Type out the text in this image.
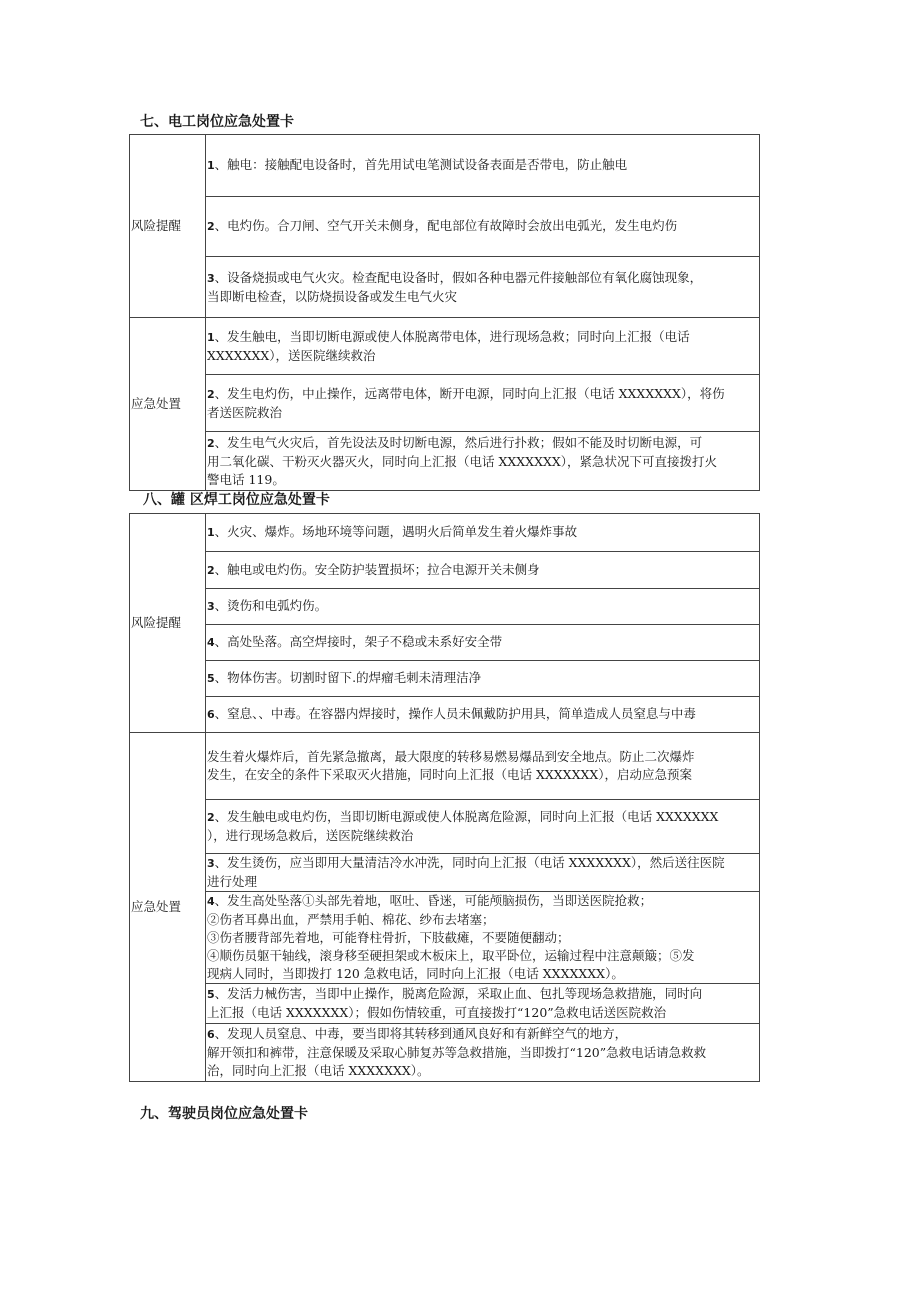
七、电工岗位应急处置卡
风险提醒	1、触电：接触配电设备时，首先用试电笔测试设备表面是否带电，防止触电
	2、电灼伤。合刀闸、空气开关未侧身，配电部位有故障时会放出电弧光，发生电灼伤

	3、设备烧损或电气火灾。检查配电设备时，假如各种电器元件接触部位有氧化腐蚀现象，
当即断电检查，以防烧损设备或发生电气火灾

应急处置	1、发生触电，当即切断电源或使人体脱离带电体，进行现场急救；同时向上汇报（电话
XXXXXXX），送医院继续救治

	2、发生电灼伤，中止操作，远离带电体，断开电源，同时向上汇报（电话 XXXXXXX），将伤
者送医院救治

	2、发生电气火灾后，首先设法及时切断电源，然后进行扑救；假如不能及时切断电源，可
用二氧化碳、干粉灭火器灭火，同时向上汇报（电话 XXXXXXX），紧急状况下可直接拨打火
警电话 119。
八、罐 区焊工岗位应急处置卡
风险提醒	1、火灾、爆炸。场地环境等问题，遇明火后简单发生着火爆炸事故
	2、触电或电灼伤。安全防护装置损坏；拉合电源开关未侧身
	3、烫伤和电弧灼伤。
	4、高处坠落。高空焊接时，架子不稳或未系好安全带
	5、物体伤害。切割时留下.的焊瘤毛刺未清理洁净
	6、窒息、、中毒。在容器内焊接时，操作人员未佩戴防护用具，简单造成人员窒息与中毒
应急处置	发生着火爆炸后，首先紧急撤离，最大限度的转移易燃易爆品到安全地点。防止二次爆炸
发生，在安全的条件下采取灭火措施，同时向上汇报（电话 XXXXXXX），启动应急预案

	2、发生触电或电灼伤，当即切断电源或使人体脱离危险源，同时向上汇报（电话 XXXXXXX
），进行现场急救后，送医院继续救治

	3、发生烫伤，应当即用大量清洁冷水冲洗，同时向上汇报（电话 XXXXXXX），然后送往医院
进行处理

	4、发生高处坠落①头部先着地，呕吐、昏迷，可能颅脑损伤，当即送医院抢救；
②伤者耳鼻出血，严禁用手帕、棉花、纱布去堵塞；
③伤者腰背部先着地，可能脊柱骨折，下肢截瘫，不要随便翻动；
④顺伤员躯干轴线，滚身移至硬担架或木板床上，取平卧位，运输过程中注意颠簸；⑤发
现病人同时，当即拨打 120 急救电话，同时向上汇报（电话 XXXXXXX）。

	5、发活力械伤害，当即中止操作，脱离危险源，采取止血、包扎等现场急救措施，同时向
上汇报（电话 XXXXXXX）；假如伤情较重，可直接拨打“120”急救电话送医院救治

	6、发现人员窒息、中毒，要当即将其转移到通风良好和有新鲜空气的地方，
解开领扣和裤带，注意保暖及采取心肺复苏等急救措施，当即拨打“120”急救电话请急救救
治，同时向上汇报（电话 XXXXXXX）。
九、驾驶员岗位应急处置卡
